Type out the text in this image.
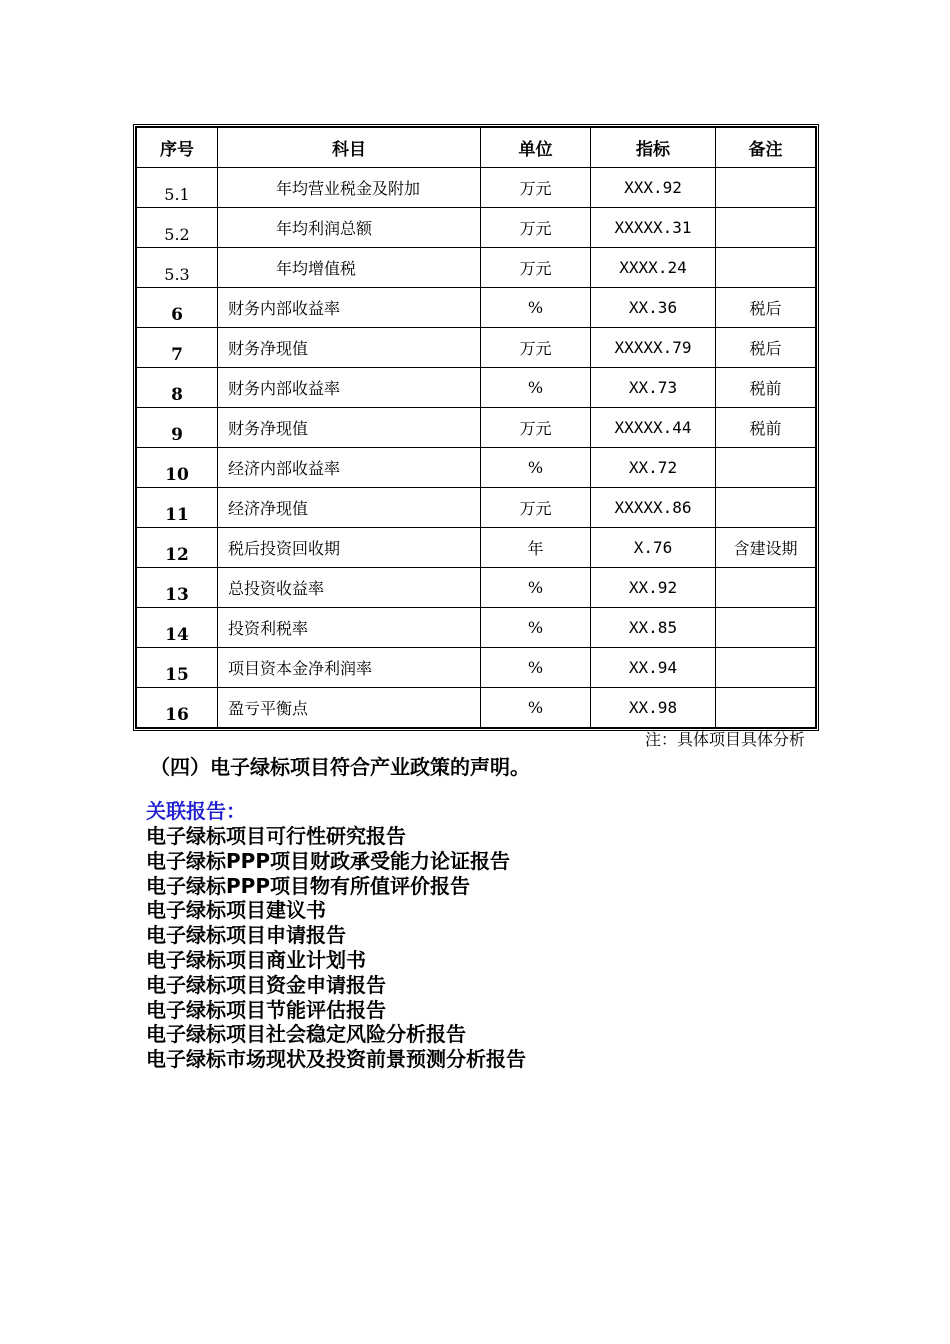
序号	科目	单位	指标	备注
5.1	年均营业税金及附加	万元	XXX.92	
5.2	年均利润总额	万元	XXXXX.31	
5.3	年均增值税	万元	XXXX.24	
6	财务内部收益率	%	XX.36	税后
7	财务净现值	万元	XXXXX.79	税后
8	财务内部收益率	%	XX.73	税前
9	财务净现值	万元	XXXXX.44	税前
10	经济内部收益率	%	XX.72	
11	经济净现值	万元	XXXXX.86	
12	税后投资回收期	年	X.76	含建设期
13	总投资收益率	%	XX.92	
14	投资利税率	%	XX.85	
15	项目资本金净利润率	%	XX.94	
16	盈亏平衡点	%	XX.98	
注：具体项目具体分析
（四）电子绿标项目符合产业政策的声明。
关联报告：
电子绿标项目可行性研究报告
电子绿标PPP项目财政承受能力论证报告
电子绿标PPP项目物有所值评价报告
电子绿标项目建议书
电子绿标项目申请报告
电子绿标项目商业计划书
电子绿标项目资金申请报告
电子绿标项目节能评估报告
电子绿标项目社会稳定风险分析报告
电子绿标市场现状及投资前景预测分析报告
